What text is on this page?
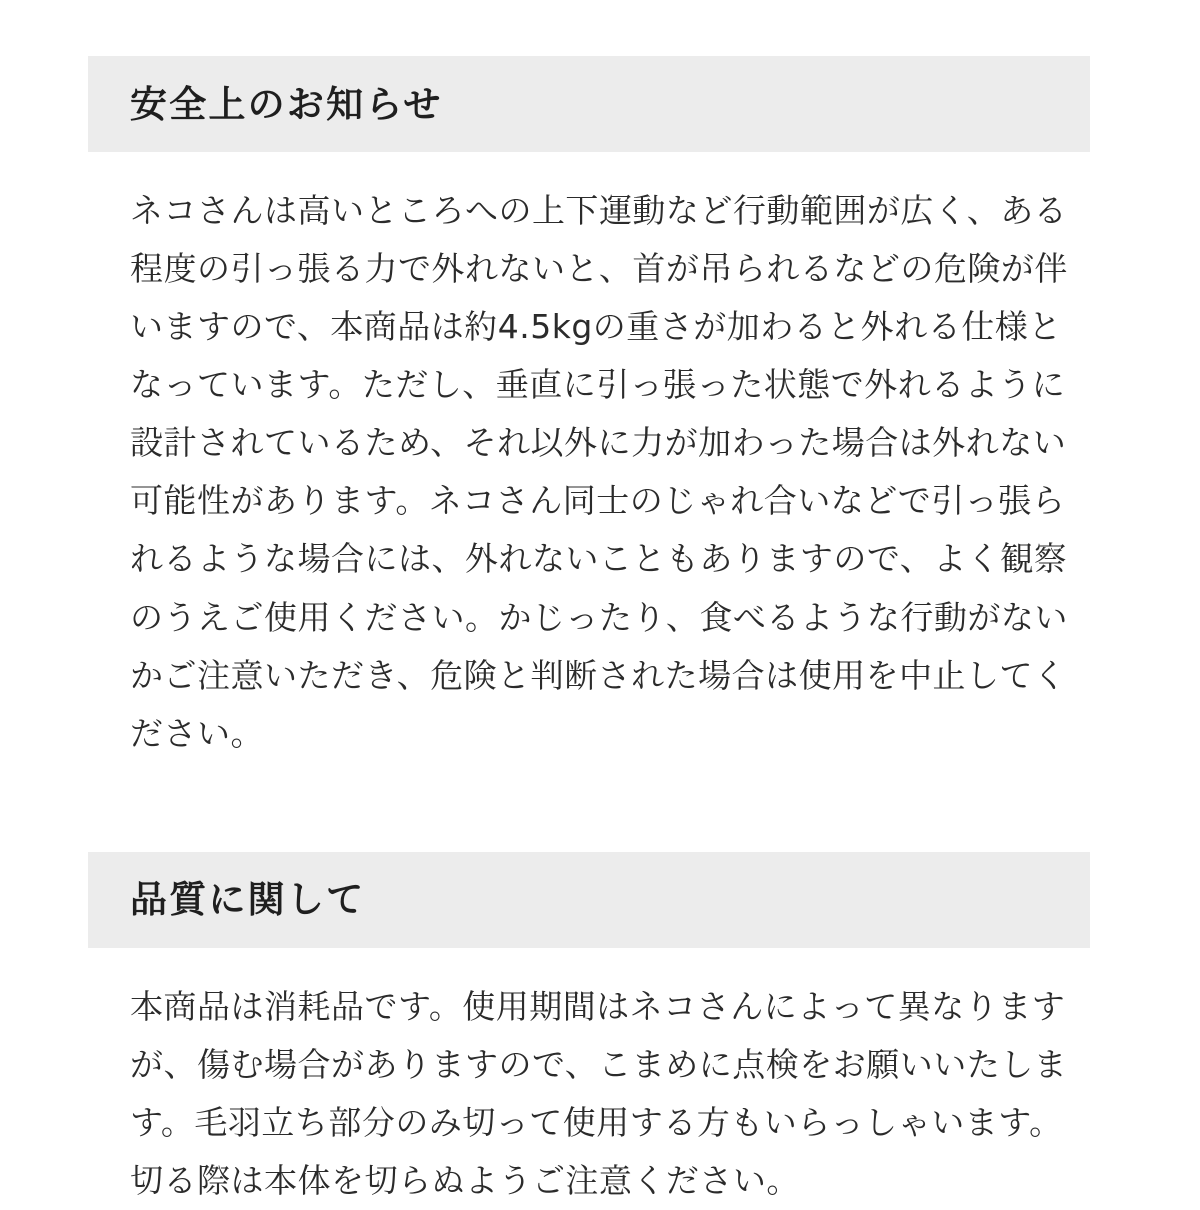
安全上のお知らせ

ネコさんは高いところへの上下運動など行動範囲が広く、ある程度の引っ張る力で外れないと、首が吊られるなどの危険が伴いますので、本商品は約4.5kgの重さが加わると外れる仕様となっています。ただし、垂直に引っ張った状態で外れるように設計されているため、それ以外に力が加わった場合は外れない可能性があります。ネコさん同士のじゃれ合いなどで引っ張られるような場合には、外れないこともありますので、よく観察のうえご使用ください。かじったり、食べるような行動がないかご注意いただき、危険と判断された場合は使用を中止してください。

品質に関して

本商品は消耗品です。使用期間はネコさんによって異なりますが、傷む場合がありますので、こまめに点検をお願いいたします。毛羽立ち部分のみ切って使用する方もいらっしゃいます。切る際は本体を切らぬようご注意ください。
